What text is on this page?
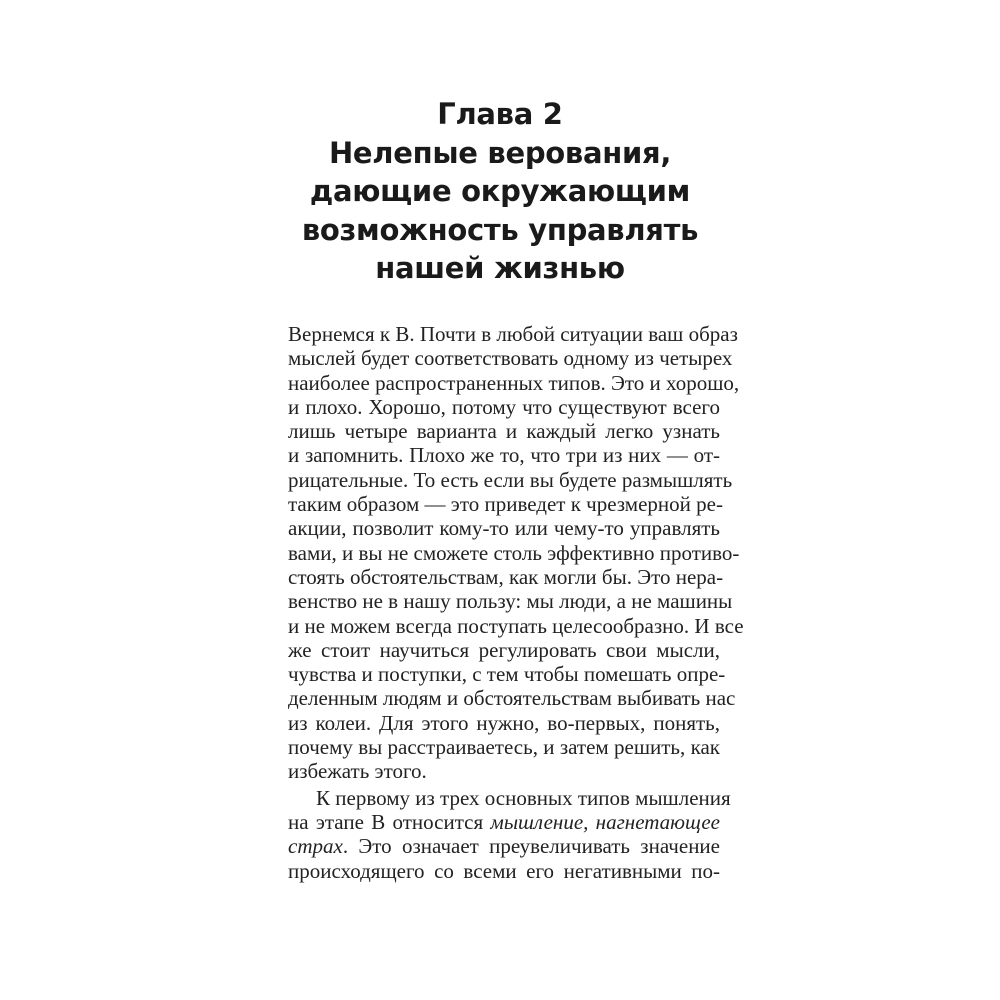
Глава 2
Нелепые верования,
дающие окружающим
возможность управлять
нашей жизнью
Вернемся к В. Почти в любой ситуации ваш образ
мыслей будет соответствовать одному из четырех
наиболее распространенных типов. Это и хорошо,
и плохо. Хорошо, потому что существуют всего
лишь четыре варианта и каждый легко узнать
и запомнить. Плохо же то, что три из них — от-
рицательные. То есть если вы будете размышлять
таким образом — это приведет к чрезмерной ре-
акции, позволит кому-то или чему-то управлять
вами, и вы не сможете столь эффективно противо-
стоять обстоятельствам, как могли бы. Это нера-
венство не в нашу пользу: мы люди, а не машины
и не можем всегда поступать целесообразно. И все
же стоит научиться регулировать свои мысли,
чувства и поступки, с тем чтобы помешать опре-
деленным людям и обстоятельствам выбивать нас
из колеи. Для этого нужно, во-первых, понять,
почему вы расстраиваетесь, и затем решить, как
избежать этого.
К первому из трех основных типов мышления
на этапе В относится мышление, нагнетающее
страх. Это означает преувеличивать значение
происходящего со всеми его негативными по-
